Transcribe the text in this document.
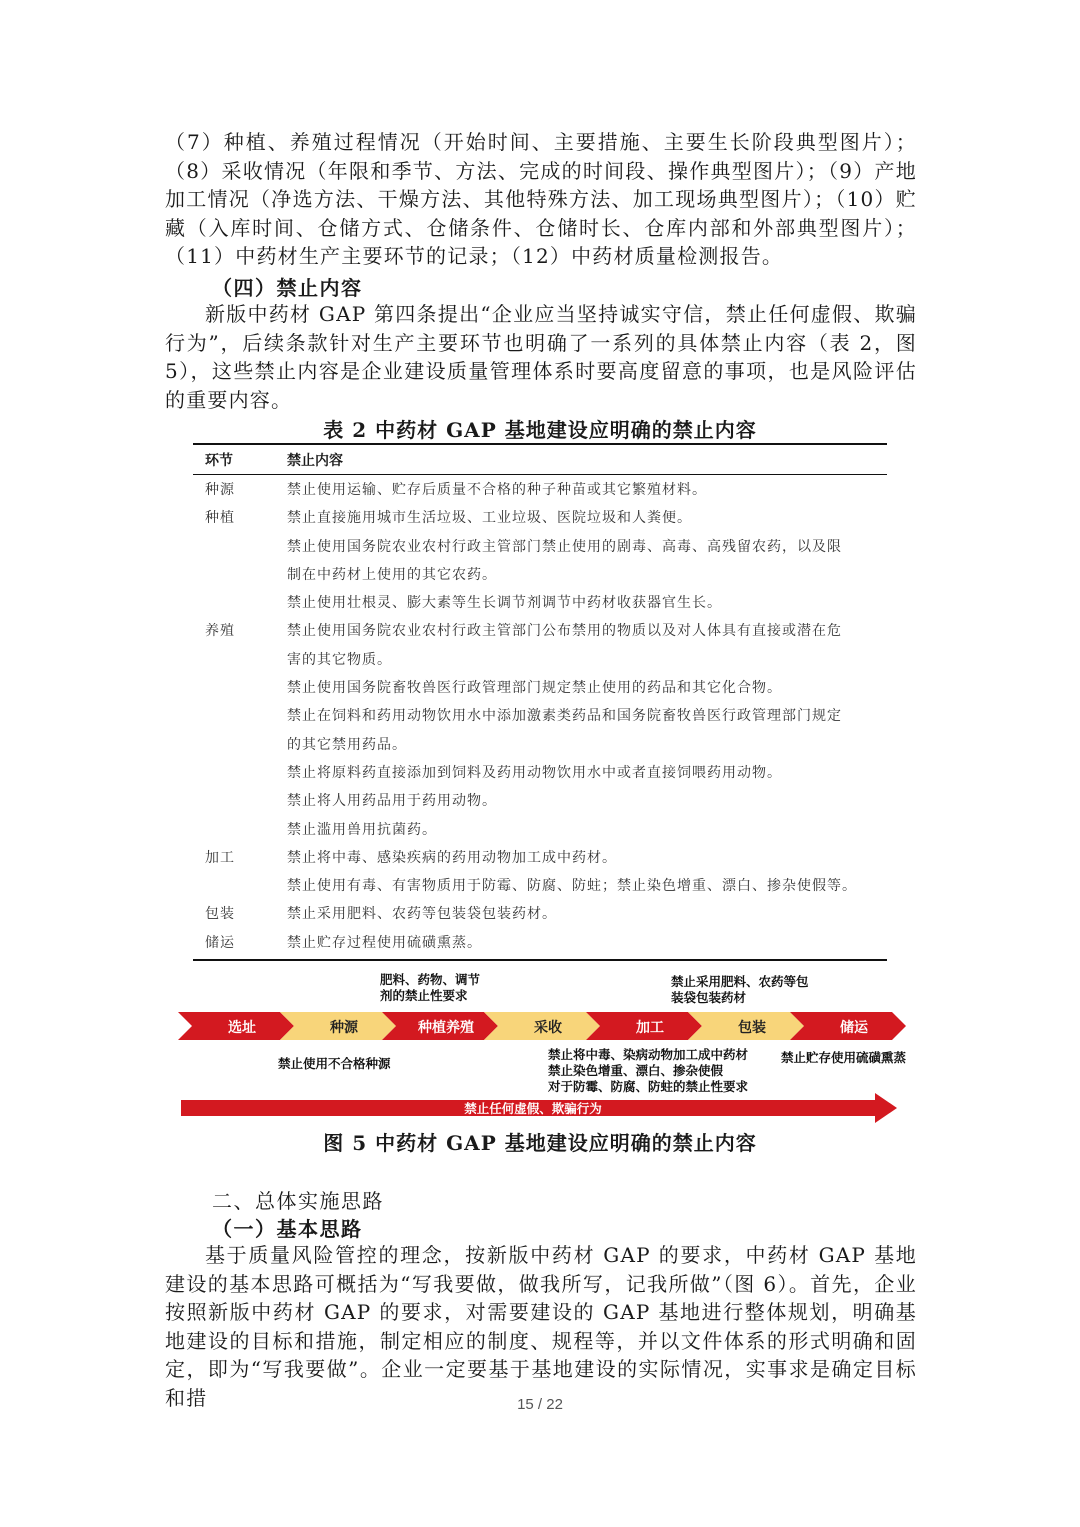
（7）种植、养殖过程情况（开始时间、主要措施、主要生长阶段典型图片）；（8）采收情况（年限和季节、方法、完成的时间段、操作典型图片）；（9）产地加工情况（净选方法、干燥方法、其他特殊方法、加工现场典型图片）；（10）贮藏（入库时间、仓储方式、仓储条件、仓储时长、仓库内部和外部典型图片）；（11）中药材生产主要环节的记录；（12）中药材质量检测报告。

（四）禁止内容

新版中药材 GAP 第四条提出“企业应当坚持诚实守信，禁止任何虚假、欺骗行为”，后续条款针对生产主要环节也明确了一系列的具体禁止内容（表 2，图 5），这些禁止内容是企业建设质量管理体系时要高度留意的事项，也是风险评估的重要内容。

表 2 中药材 GAP 基地建设应明确的禁止内容
环节	禁止内容
种源	禁止使用运输、贮存后质量不合格的种子种苗或其它繁殖材料。
种植	禁止直接施用城市生活垃圾、工业垃圾、医院垃圾和人粪便。
禁止使用国务院农业农村行政主管部门禁止使用的剧毒、高毒、高残留农药，以及限
制在中药材上使用的其它农药。
禁止使用壮根灵、膨大素等生长调节剂调节中药材收获器官生长。
养殖	禁止使用国务院农业农村行政主管部门公布禁用的物质以及对人体具有直接或潜在危
害的其它物质。
禁止使用国务院畜牧兽医行政管理部门规定禁止使用的药品和其它化合物。
禁止在饲料和药用动物饮用水中添加激素类药品和国务院畜牧兽医行政管理部门规定
的其它禁用药品。
禁止将原料药直接添加到饲料及药用动物饮用水中或者直接饲喂药用动物。
禁止将人用药品用于药用动物。
禁止滥用兽用抗菌药。
加工	禁止将中毒、感染疾病的药用动物加工成中药材。
禁止使用有毒、有害物质用于防霉、防腐、防蛀；禁止染色增重、漂白、掺杂使假等。
包装	禁止采用肥料、农药等包装袋包装药材。
储运	禁止贮存过程使用硫磺熏蒸。
选址	种源	种植养殖	采收	加工	包装	储运
肥料、药物、调节
剂的禁止性要求
禁止采用肥料、农药等包
装袋包装药材
禁止使用不合格种源
禁止将中毒、染病动物加工成中药材
禁止染色增重、漂白、掺杂使假
对于防霉、防腐、防蛀的禁止性要求
禁止贮存使用硫磺熏蒸
禁止任何虚假、欺骗行为
图 5 中药材 GAP 基地建设应明确的禁止内容
二、总体实施思路
（一）基本思路

基于质量风险管控的理念，按新版中药材 GAP 的要求，中药材 GAP 基地建设的基本思路可概括为“写我要做，做我所写，记我所做”（图 6）。首先，企业按照新版中药材 GAP 的要求，对需要建设的 GAP 基地进行整体规划，明确基地建设的目标和措施，制定相应的制度、规程等，并以文件体系的形式明确和固定，即为“写我要做”。企业一定要基于基地建设的实际情况，实事求是确定目标和措	15 / 22
